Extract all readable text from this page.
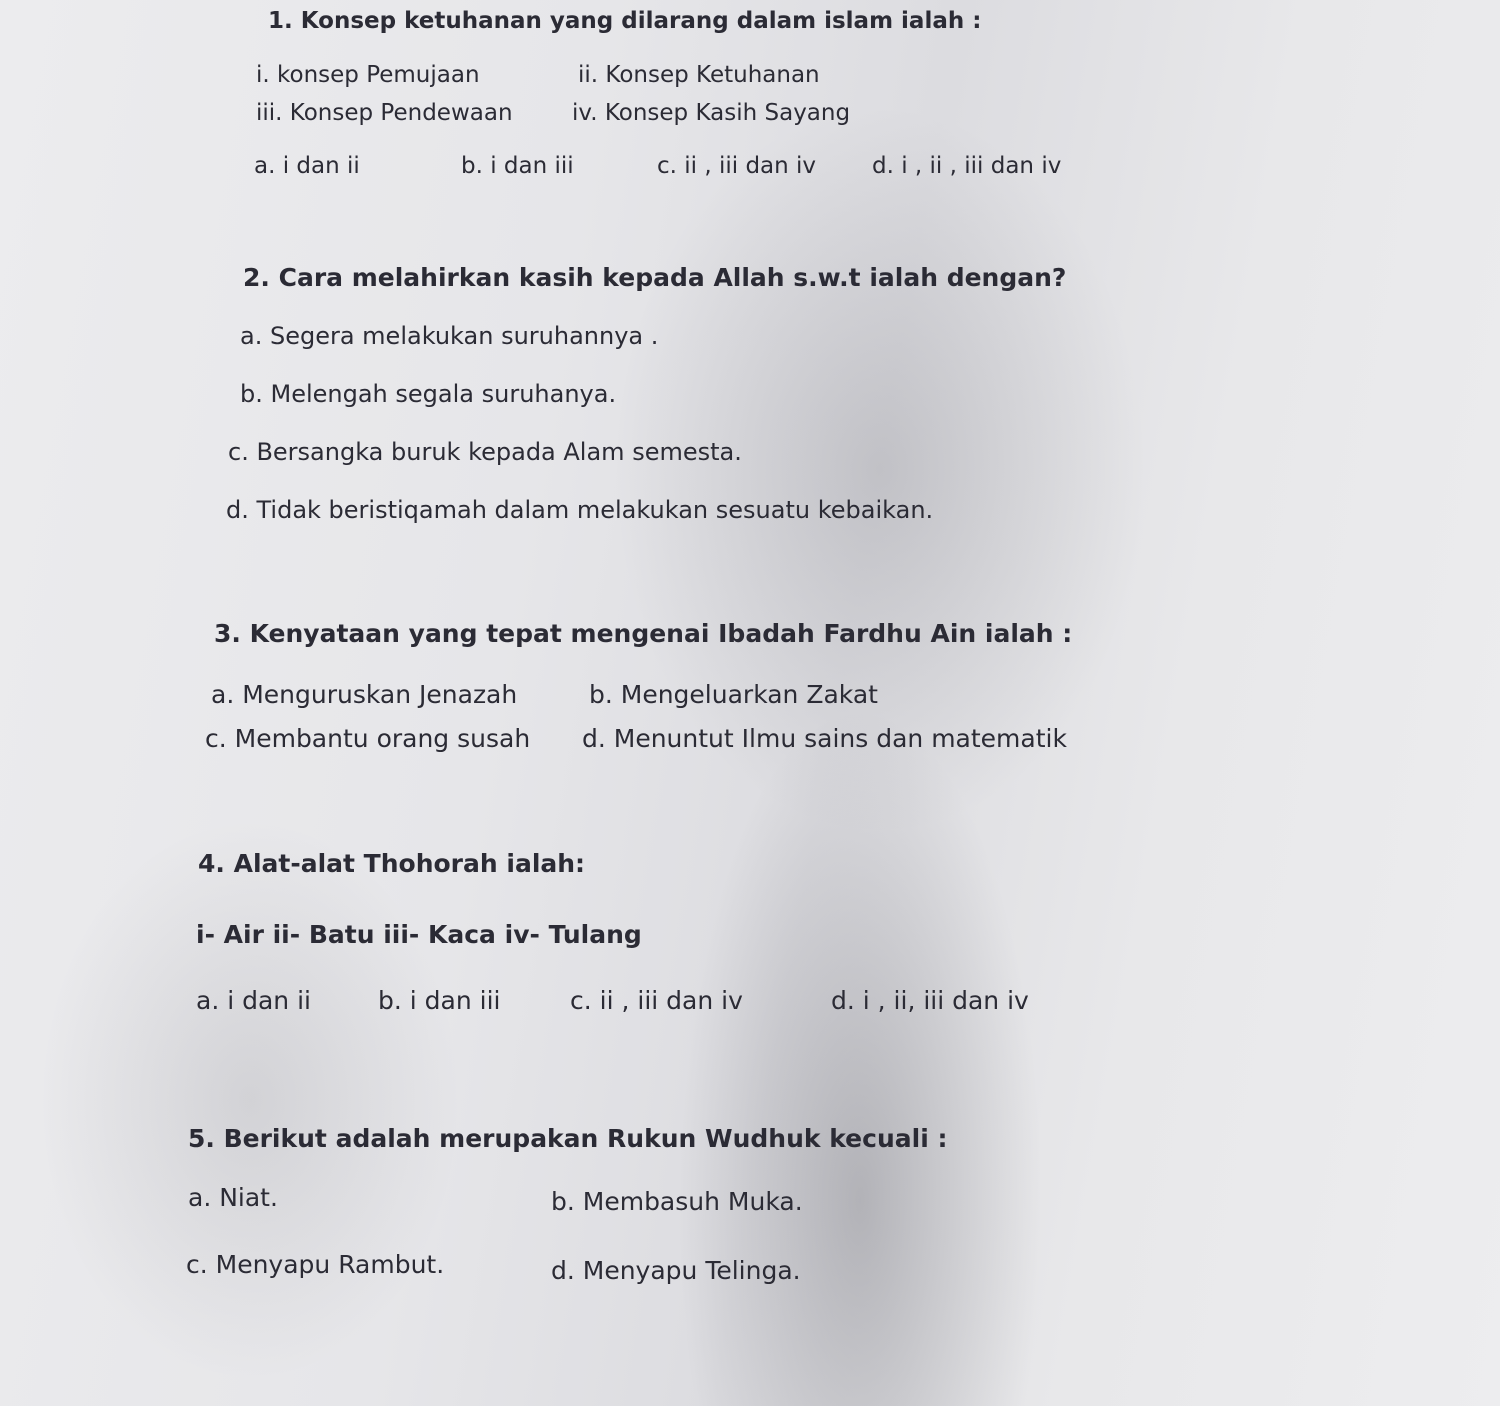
1. Konsep ketuhanan yang dilarang dalam islam ialah :

i. konsep Pemujaan	ii. Konsep Ketuhanan

iii. Konsep Pendewaan	iv. Konsep Kasih Sayang

a. i dan ii	b. i dan iii	c. ii , iii dan iv d. i , ii , iii dan iv

2. Cara melahirkan kasih kepada Allah s.w.t ialah dengan?

a. Segera melakukan suruhannya .

b. Melengah segala suruhanya.

c. Bersangka buruk kepada Alam semesta.

d. Tidak beristiqamah dalam melakukan sesuatu kebaikan.

3. Kenyataan yang tepat mengenai Ibadah Fardhu Ain ialah :

a. Menguruskan Jenazah	b. Mengeluarkan Zakat

c. Membantu orang susah d. Menuntut Ilmu sains dan matematik

4. Alat-alat Thohorah ialah:

i- Air ii- Batu iii- Kaca iv- Tulang

a. i dan ii	b. i dan iii	c. ii , iii dan iv	d. i , ii, iii dan iv

5. Berikut adalah merupakan Rukun Wudhuk kecuali :

a. Niat.	b. Membasuh Muka.

c. Menyapu Rambut.	d. Menyapu Telinga.
